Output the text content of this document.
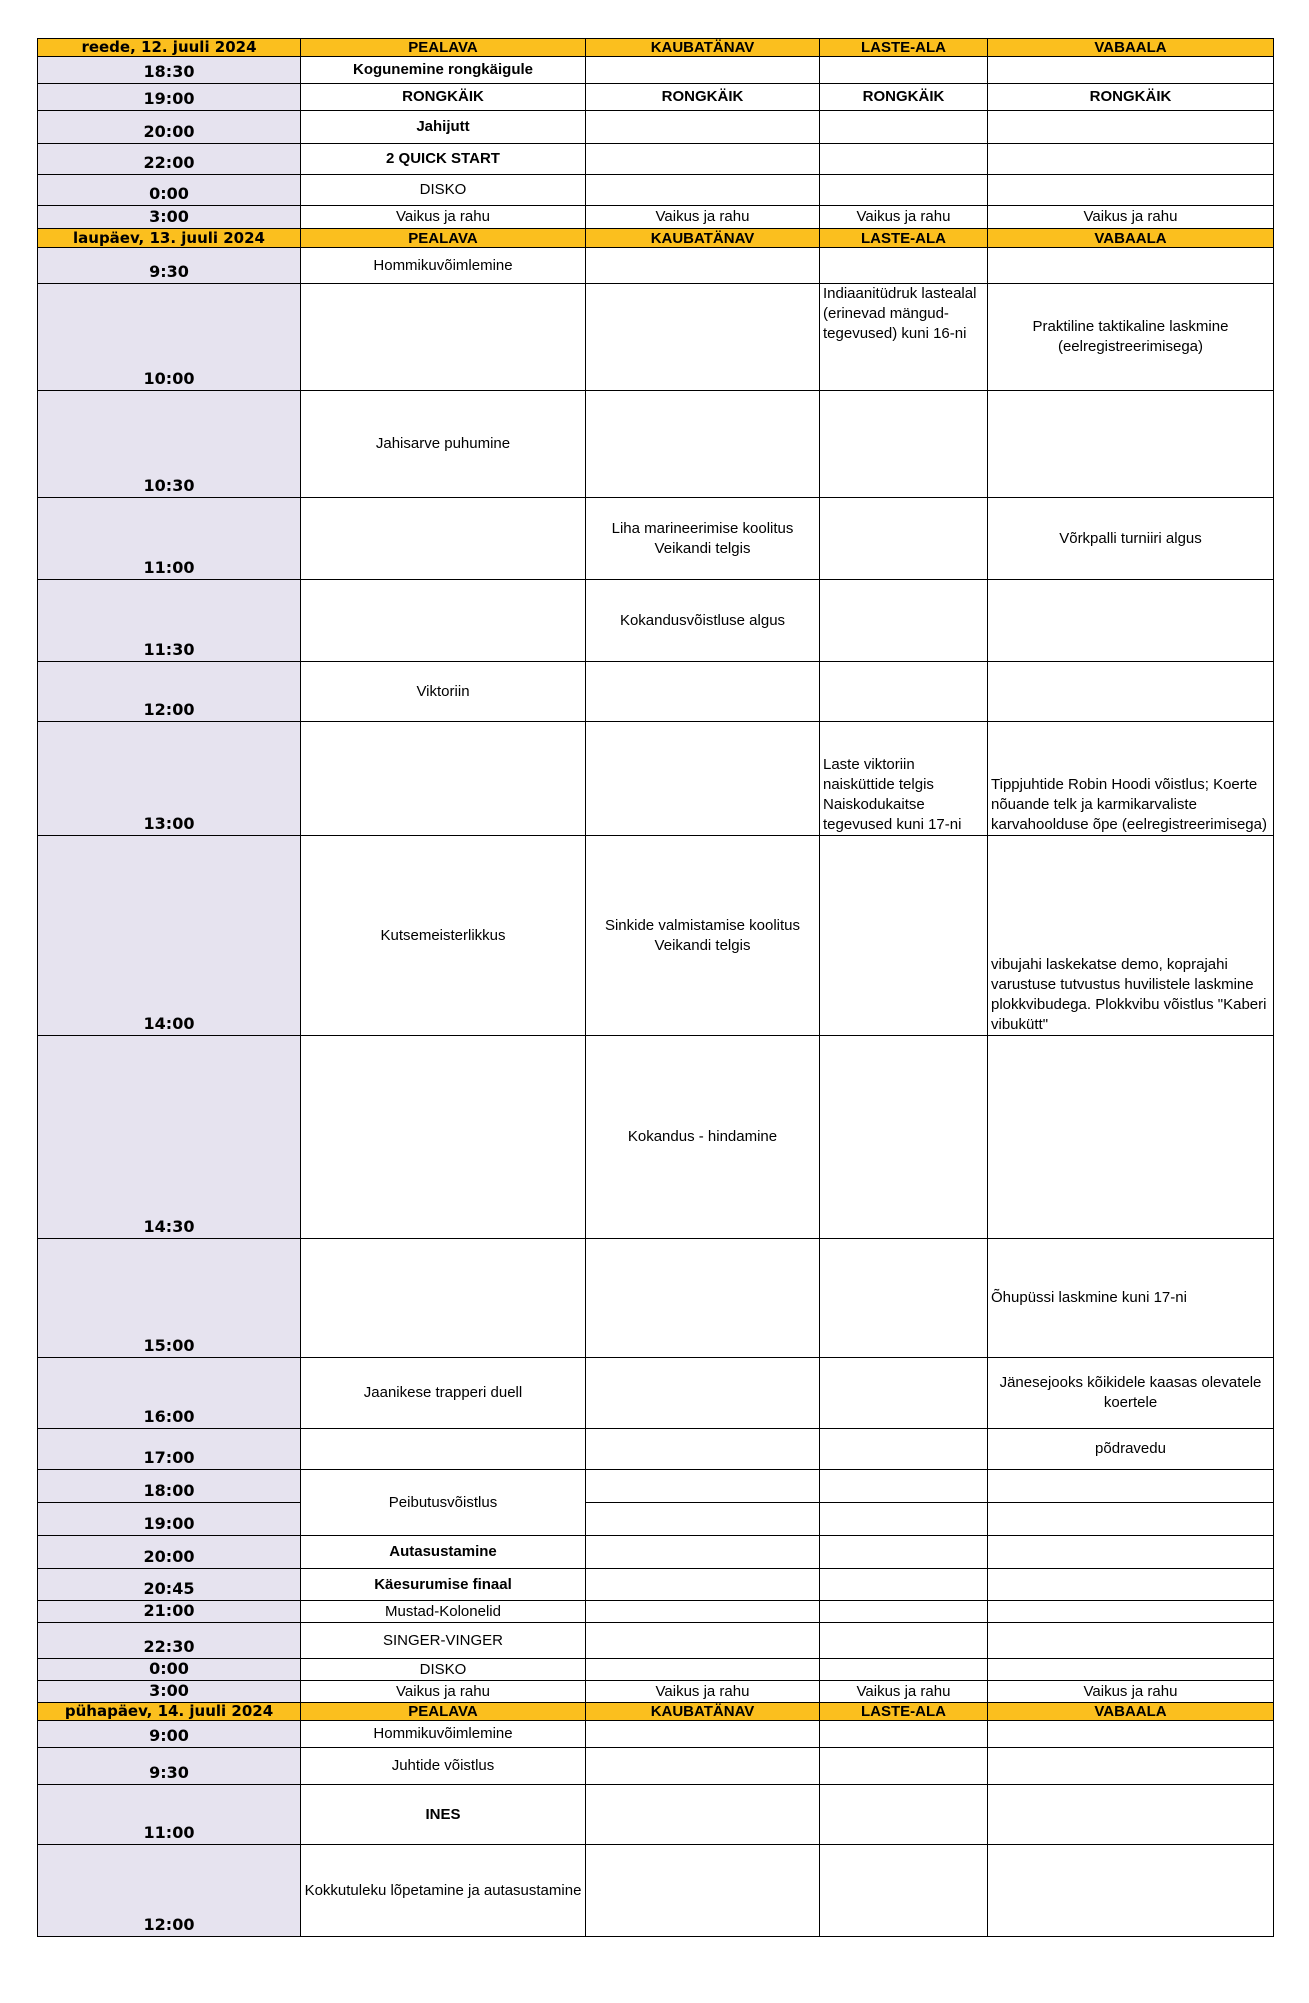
reede, 12. juuli 2024	PEALAVA	KAUBATÄNAV	LASTE-ALA	VABAALA
18:30	Kogunemine rongkäigule			
19:00	RONGKÄIK	RONGKÄIK	RONGKÄIK	RONGKÄIK
20:00	Jahijutt			
22:00	2 QUICK START			
0:00	DISKO			
3:00	Vaikus ja rahu	Vaikus ja rahu	Vaikus ja rahu	Vaikus ja rahu
laupäev, 13. juuli 2024	PEALAVA	KAUBATÄNAV	LASTE-ALA	VABAALA
9:30	Hommikuvõimlemine			
10:00			Indiaanitüdruk lastealal (erinevad mängud-tegevused) kuni 16-ni	Praktiline taktikaline laskmine (eelregistreerimisega)
10:30	Jahisarve puhumine			
11:00		Liha marineerimise koolitus Veikandi telgis		Võrkpalli turniiri algus
11:30		Kokandusvõistluse algus		
12:00	Viktoriin			
13:00			Laste viktoriin naisküttide telgis Naiskodukaitse tegevused kuni 17-ni	Tippjuhtide Robin Hoodi võistlus; Koerte nõuande telk ja karmikarvaliste karvahoolduse õpe (eelregistreerimisega)
14:00	Kutsemeisterlikkus	Sinkide valmistamise koolitus Veikandi telgis		vibujahi laskekatse demo, koprajahi varustuse tutvustus huvilistele laskmine plokkvibudega. Plokkvibu võistlus "Kaberi vibukütt"
14:30		Kokandus - hindamine		
15:00				Õhupüssi laskmine kuni 17-ni
16:00	Jaanikese trapperi duell			Jänesejooks kõikidele kaasas olevatele koertele
17:00				põdravedu
18:00	Peibutusvõistlus			
19:00				
20:00	Autasustamine			
20:45	Käesurumise finaal			
21:00	Mustad-Kolonelid			
22:30	SINGER-VINGER			
0:00	DISKO			
3:00	Vaikus ja rahu	Vaikus ja rahu	Vaikus ja rahu	Vaikus ja rahu
pühapäev, 14. juuli 2024	PEALAVA	KAUBATÄNAV	LASTE-ALA	VABAALA
9:00	Hommikuvõimlemine			
9:30	Juhtide võistlus			
11:00	INES			
12:00	Kokkutuleku lõpetamine ja autasustamine			
